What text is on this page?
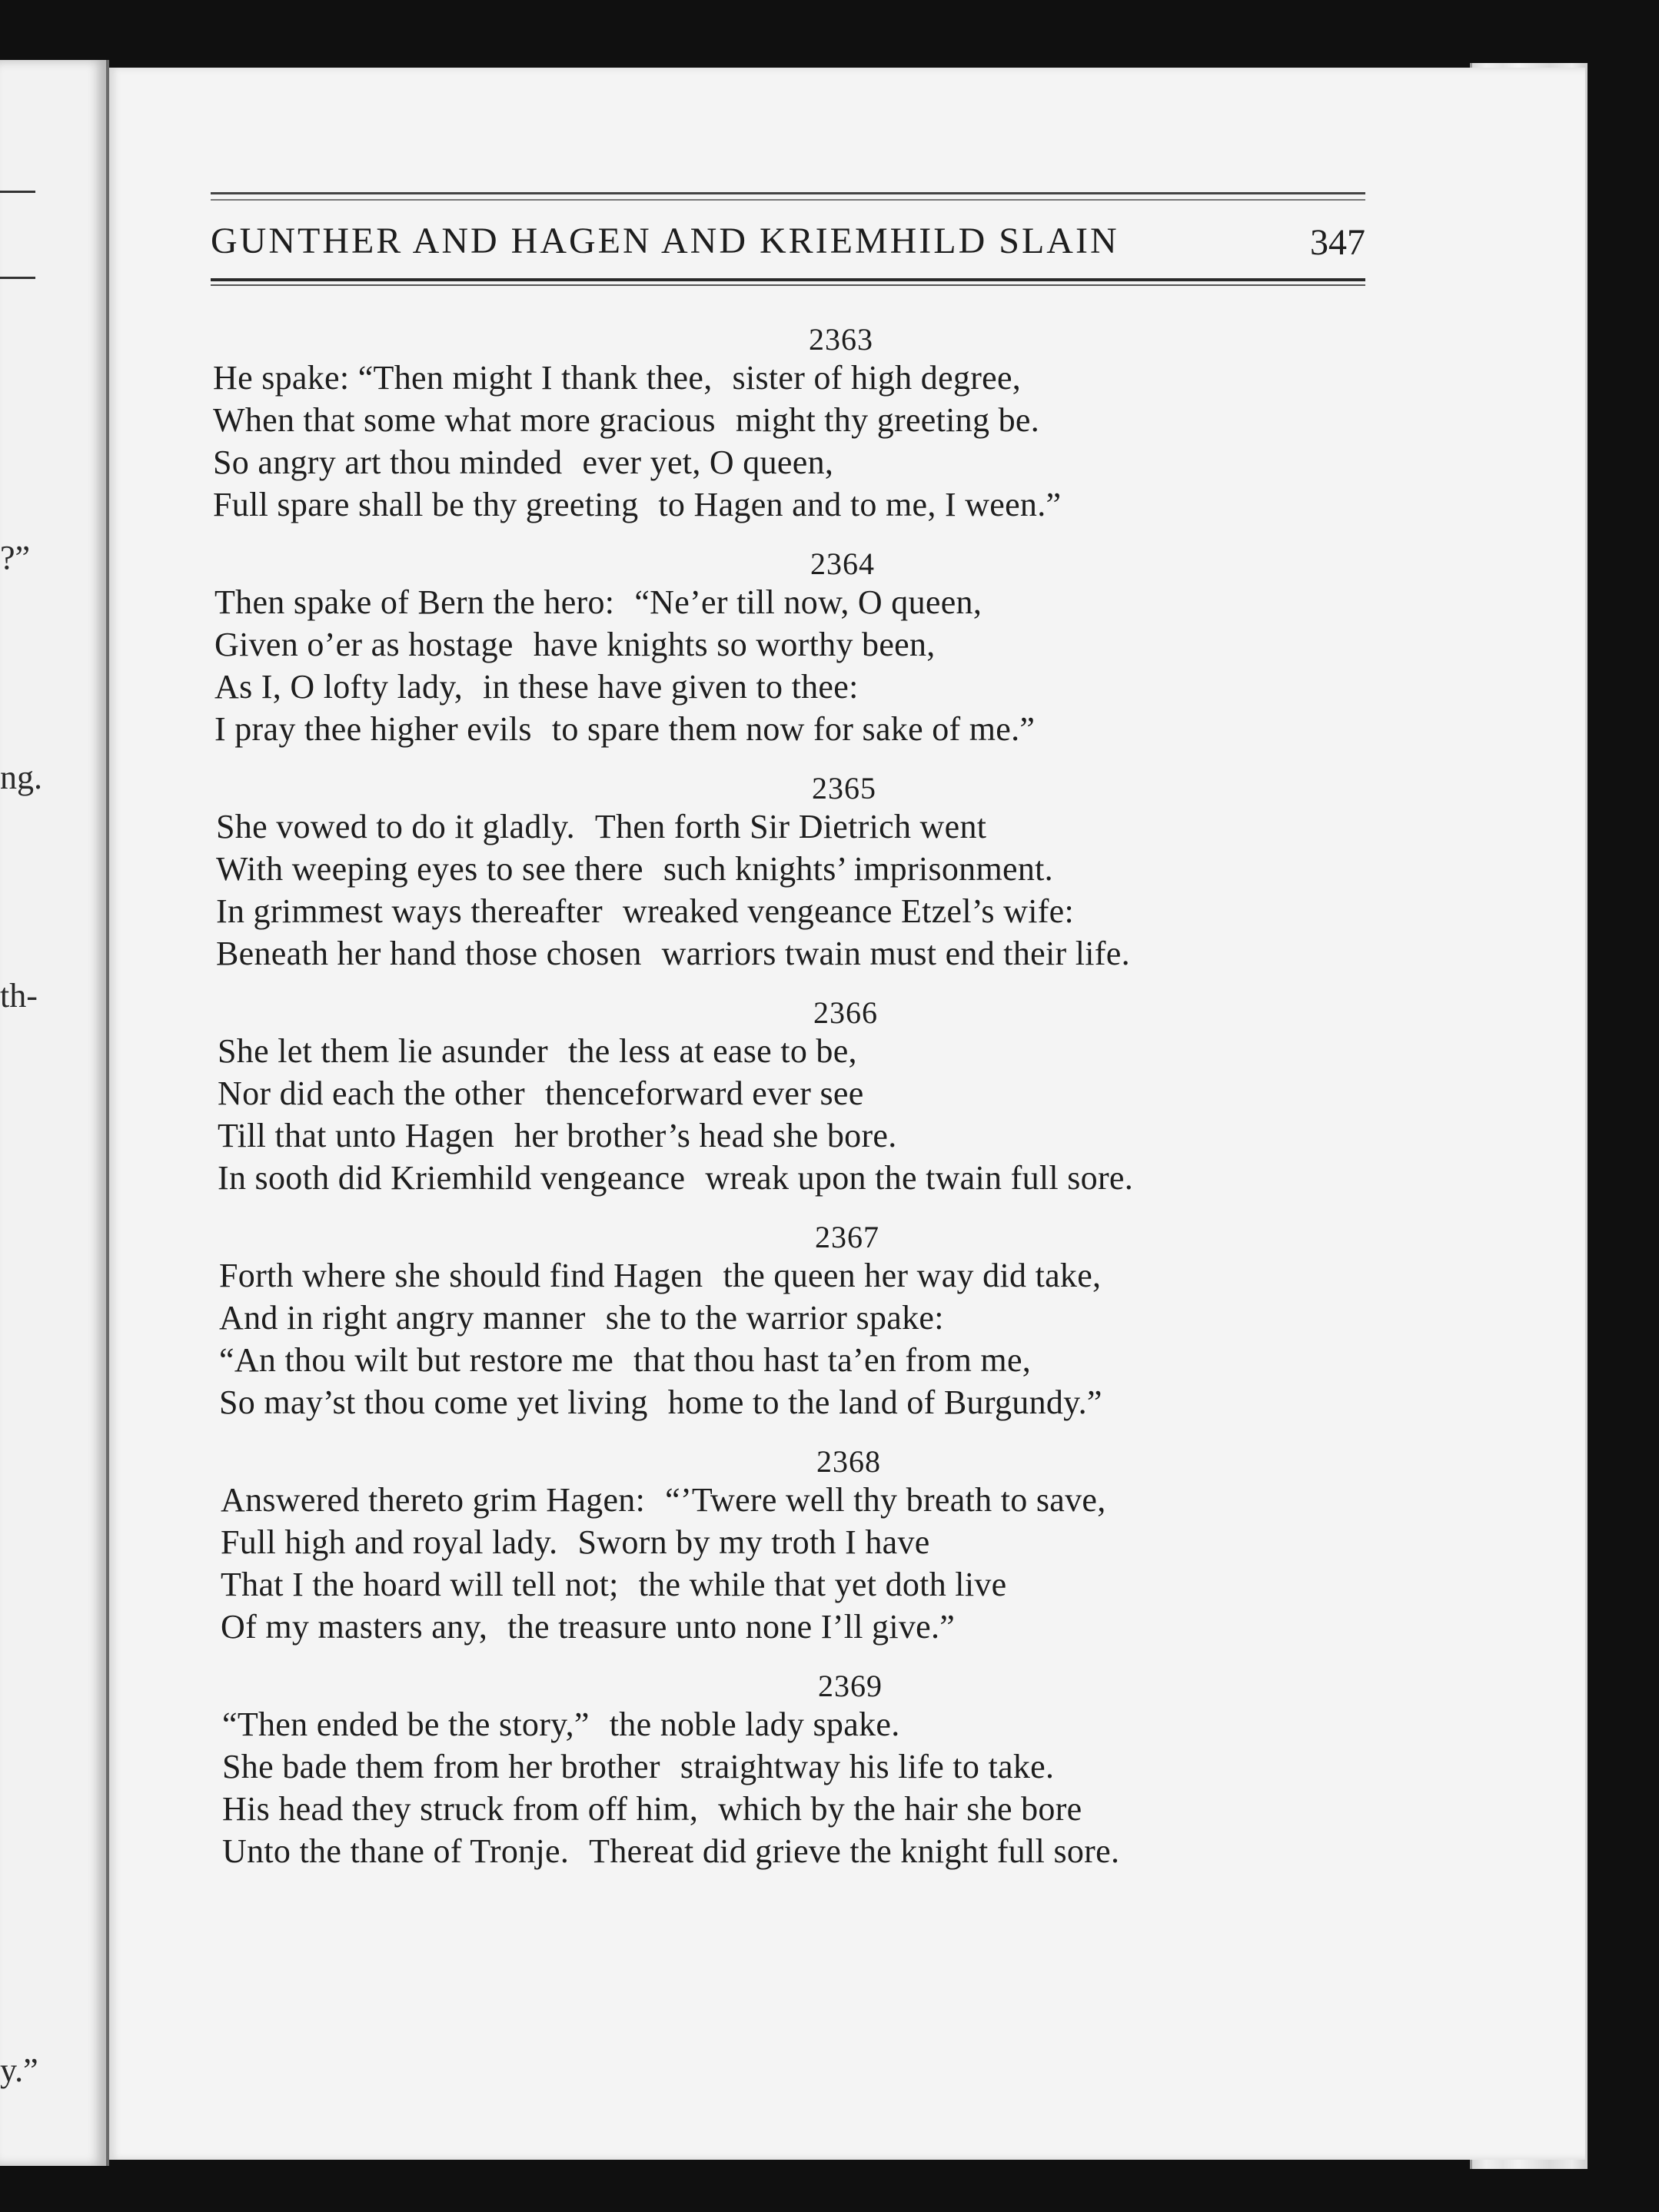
?”
ng.
th-
y.”
GUNTHER AND HAGEN AND KRIEMHILD SLAIN	347
2363
He spake: “Then might I thank thee, sister of high degree,
When that some what more gracious might thy greeting be.
So angry art thou minded ever yet, O queen,
Full spare shall be thy greeting to Hagen and to me, I ween.”
2364
Then spake of Bern the hero: “Ne’er till now, O queen,
Given o’er as hostage have knights so worthy been,
As I, O lofty lady, in these have given to thee:
I pray thee higher evils to spare them now for sake of me.”
2365
She vowed to do it gladly. Then forth Sir Dietrich went
With weeping eyes to see there such knights’ imprisonment.
In grimmest ways thereafter wreaked vengeance Etzel’s wife:
Beneath her hand those chosen warriors twain must end their life.
2366
She let them lie asunder the less at ease to be,
Nor did each the other thenceforward ever see
Till that unto Hagen her brother’s head she bore.
In sooth did Kriemhild vengeance wreak upon the twain full sore.
2367
Forth where she should find Hagen the queen her way did take,
And in right angry manner she to the warrior spake:
“An thou wilt but restore me that thou hast ta’en from me,
So may’st thou come yet living home to the land of Burgundy.”
2368
Answered thereto grim Hagen: “’Twere well thy breath to save,
Full high and royal lady. Sworn by my troth I have
That I the hoard will tell not; the while that yet doth live
Of my masters any, the treasure unto none I’ll give.”
2369
“Then ended be the story,” the noble lady spake.
She bade them from her brother straightway his life to take.
His head they struck from off him, which by the hair she bore
Unto the thane of Tronje. Thereat did grieve the knight full sore.
